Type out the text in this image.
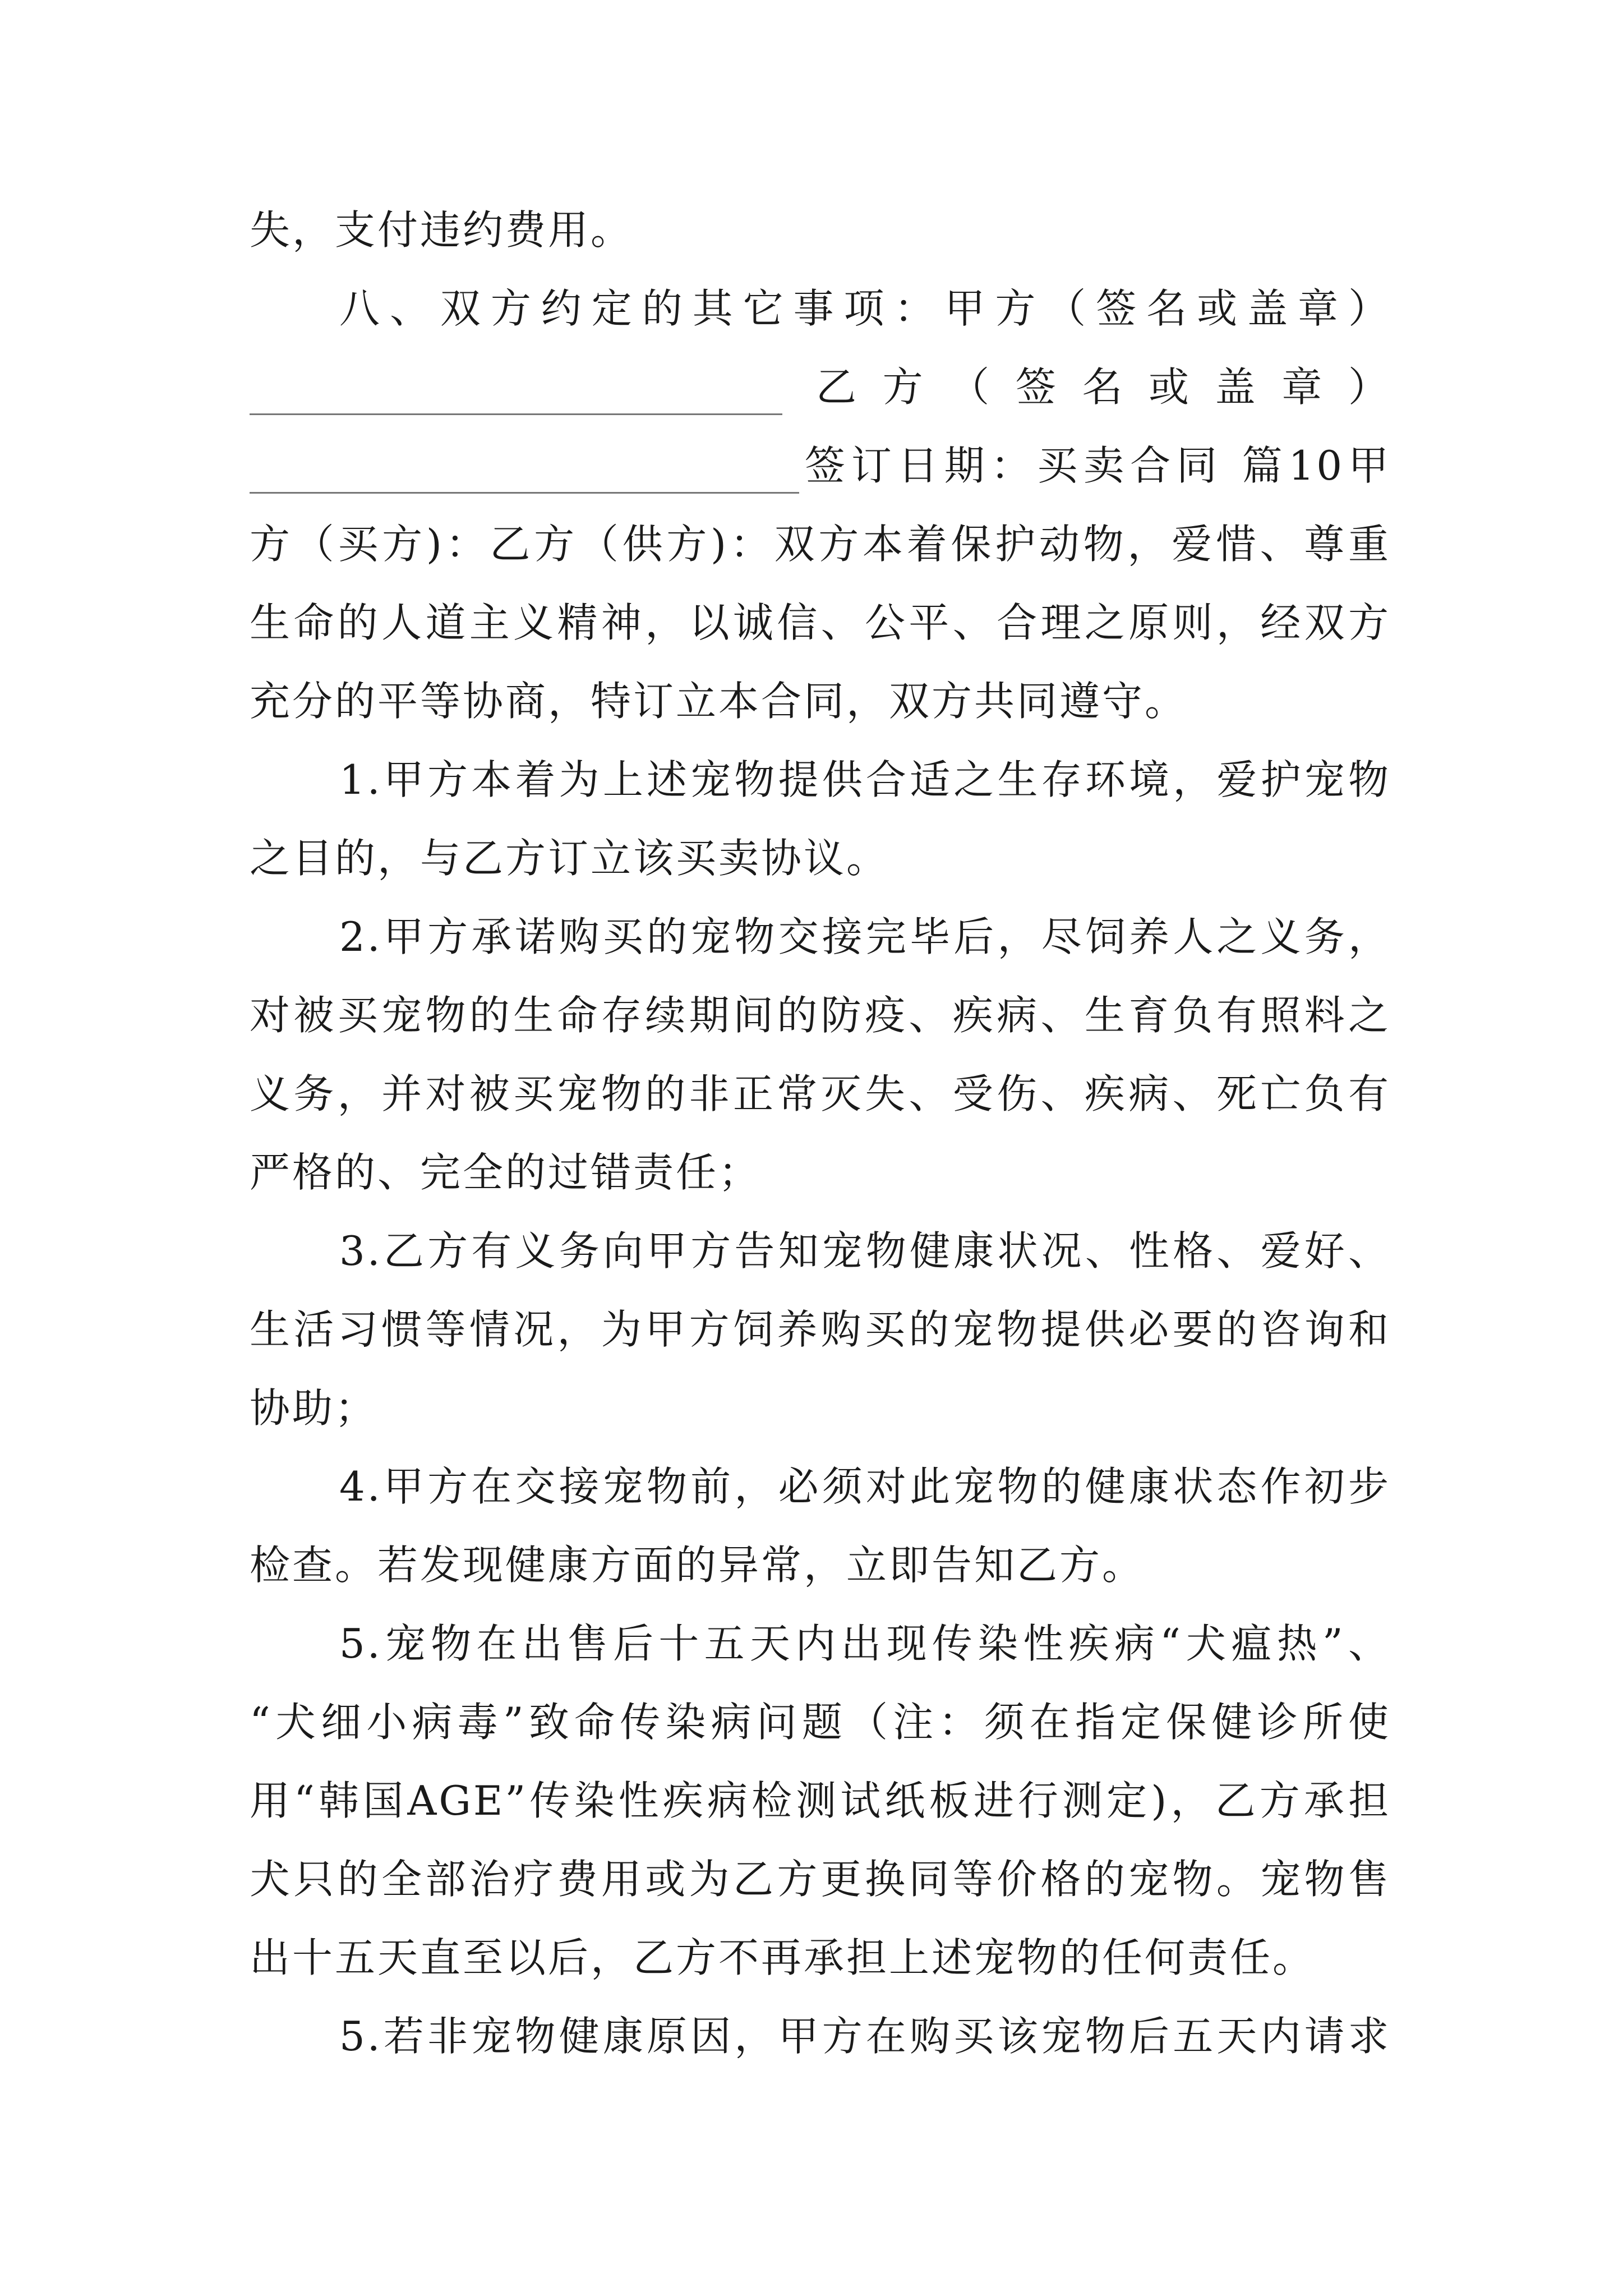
失，支付违约费用。
八、双方约定的其它事项：甲方（签名或盖章）
乙 方 （ 签 名 或 盖 章 ）
签订日期：买卖合同 篇10甲
方（买方)：乙方（供方)：双方本着保护动物，爱惜、尊重
生命的人道主义精神，以诚信、公平、合理之原则，经双方
充分的平等协商，特订立本合同，双方共同遵守。
1.甲方本着为上述宠物提供合适之生存环境，爱护宠物
之目的，与乙方订立该买卖协议。
2.甲方承诺购买的宠物交接完毕后，尽饲养人之义务，
对被买宠物的生命存续期间的防疫、疾病、生育负有照料之
义务，并对被买宠物的非正常灭失、受伤、疾病、死亡负有
严格的、完全的过错责任；
3.乙方有义务向甲方告知宠物健康状况、性格、爱好、
生活习惯等情况，为甲方饲养购买的宠物提供必要的咨询和
协助；
4.甲方在交接宠物前，必须对此宠物的健康状态作初步
检查。若发现健康方面的异常，立即告知乙方。
5.宠物在出售后十五天内出现传染性疾病“犬瘟热”、
“犬细小病毒”致命传染病问题（注：须在指定保健诊所使
用“韩国AGE”传染性疾病检测试纸板进行测定)，乙方承担
犬只的全部治疗费用或为乙方更换同等价格的宠物。宠物售
出十五天直至以后，乙方不再承担上述宠物的任何责任。
5.若非宠物健康原因，甲方在购买该宠物后五天内请求
